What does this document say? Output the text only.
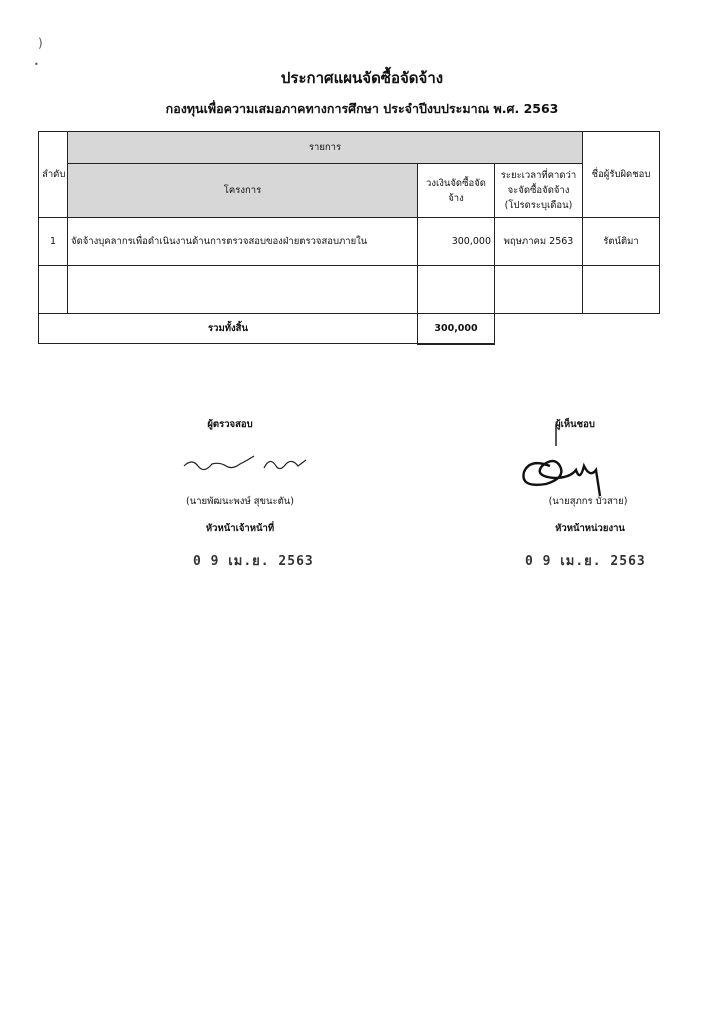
)
•
ประกาศแผนจัดซื้อจัดจ้าง
กองทุนเพื่อความเสมอภาคทางการศึกษา ประจำปีงบประมาณ พ.ศ. 2563
ลำดับ	รายการ			ชื่อผู้รับผิดชอบ
	โครงการ	วงเงินจัดซื้อจัดจ้าง	ระยะเวลาที่คาดว่าจะจัดซื้อจัดจ้าง (โปรดระบุเดือน)	
1	จัดจ้างบุคลากรเพื่อดำเนินงานด้านการตรวจสอบของฝ่ายตรวจสอบภายใน	300,000	พฤษภาคม 2563	รัตน์ติมา

รวมทั้งสิ้น		300,000		
ผู้ตรวจสอบ
(นายพัฒนะพงษ์ สุขนะตัน)
หัวหน้าเจ้าหน้าที่
0 9 เม.ย. 2563
ผู้เห็นชอบ
(นายสุภกร บัวสาย)
หัวหน้าหน่วยงาน
0 9 เม.ย. 2563
